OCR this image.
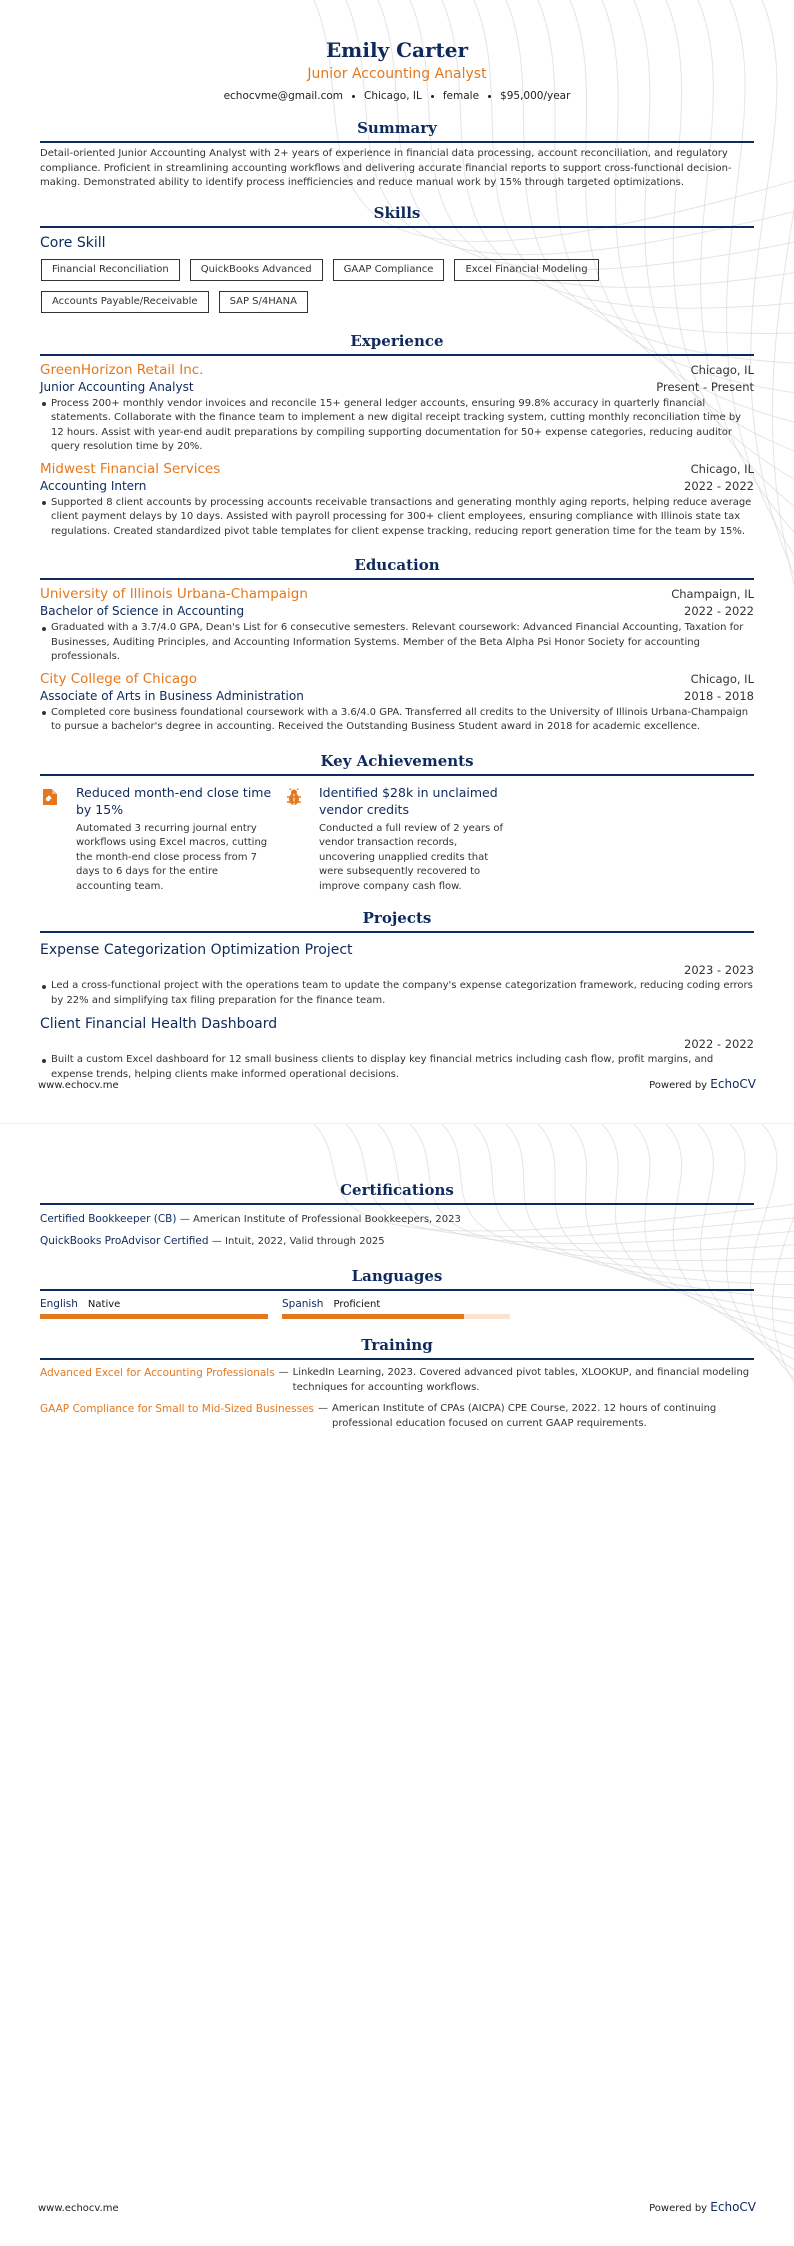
Emily Carter
Junior Accounting Analyst
echocvme@gmail.com Chicago, IL female $95,000/year
Summary
Detail-oriented Junior Accounting Analyst with 2+ years of experience in financial data processing, account reconciliation, and regulatory compliance. Proficient in streamlining accounting workflows and delivering accurate financial reports to support cross-functional decision-making. Demonstrated ability to identify process inefficiencies and reduce manual work by 15% through targeted optimizations.
Skills
Core Skill
Financial Reconciliation	QuickBooks Advanced	GAAP Compliance	Excel Financial Modeling
Accounts Payable/Receivable	SAP S/4HANA
Experience
GreenHorizon Retail Inc.	Chicago, IL
Junior Accounting Analyst	Present - Present
Process 200+ monthly vendor invoices and reconcile 15+ general ledger accounts, ensuring 99.8% accuracy in quarterly financial statements. Collaborate with the finance team to implement a new digital receipt tracking system, cutting monthly reconciliation time by 12 hours. Assist with year-end audit preparations by compiling supporting documentation for 50+ expense categories, reducing auditor query resolution time by 20%.
Midwest Financial Services	Chicago, IL
Accounting Intern	2022 - 2022
Supported 8 client accounts by processing accounts receivable transactions and generating monthly aging reports, helping reduce average client payment delays by 10 days. Assisted with payroll processing for 300+ client employees, ensuring compliance with Illinois state tax regulations. Created standardized pivot table templates for client expense tracking, reducing report generation time for the team by 15%.
Education
University of Illinois Urbana-Champaign	Champaign, IL
Bachelor of Science in Accounting	2022 - 2022
Graduated with a 3.7/4.0 GPA, Dean's List for 6 consecutive semesters. Relevant coursework: Advanced Financial Accounting, Taxation for Businesses, Auditing Principles, and Accounting Information Systems. Member of the Beta Alpha Psi Honor Society for accounting professionals.
City College of Chicago	Chicago, IL
Associate of Arts in Business Administration	2018 - 2018
Completed core business foundational coursework with a 3.6/4.0 GPA. Transferred all credits to the University of Illinois Urbana-Champaign to pursue a bachelor's degree in accounting. Received the Outstanding Business Student award in 2018 for academic excellence.
Key Achievements
Reduced month-end close time by 15%
Automated 3 recurring journal entry workflows using Excel macros, cutting the month-end close process from 7 days to 6 days for the entire accounting team.
Identified $28k in unclaimed vendor credits
Conducted a full review of 2 years of vendor transaction records, uncovering unapplied credits that were subsequently recovered to improve company cash flow.
Projects
Expense Categorization Optimization Project
2023 - 2023
Led a cross-functional project with the operations team to update the company's expense categorization framework, reducing coding errors by 22% and simplifying tax filing preparation for the finance team.
Client Financial Health Dashboard
2022 - 2022
Built a custom Excel dashboard for 12 small business clients to display key financial metrics including cash flow, profit margins, and expense trends, helping clients make informed operational decisions.
www.echocv.me	Powered by EchoCV
Certifications
Certified Bookkeeper (CB) — American Institute of Professional Bookkeepers, 2023
QuickBooks ProAdvisor Certified — Intuit, 2022, Valid through 2025
Languages
English Native	Spanish Proficient
Training
Advanced Excel for Accounting Professionals — LinkedIn Learning, 2023. Covered advanced pivot tables, XLOOKUP, and financial modeling techniques for accounting workflows.
GAAP Compliance for Small to Mid-Sized Businesses — American Institute of CPAs (AICPA) CPE Course, 2022. 12 hours of continuing professional education focused on current GAAP requirements.
www.echocv.me	Powered by EchoCV
